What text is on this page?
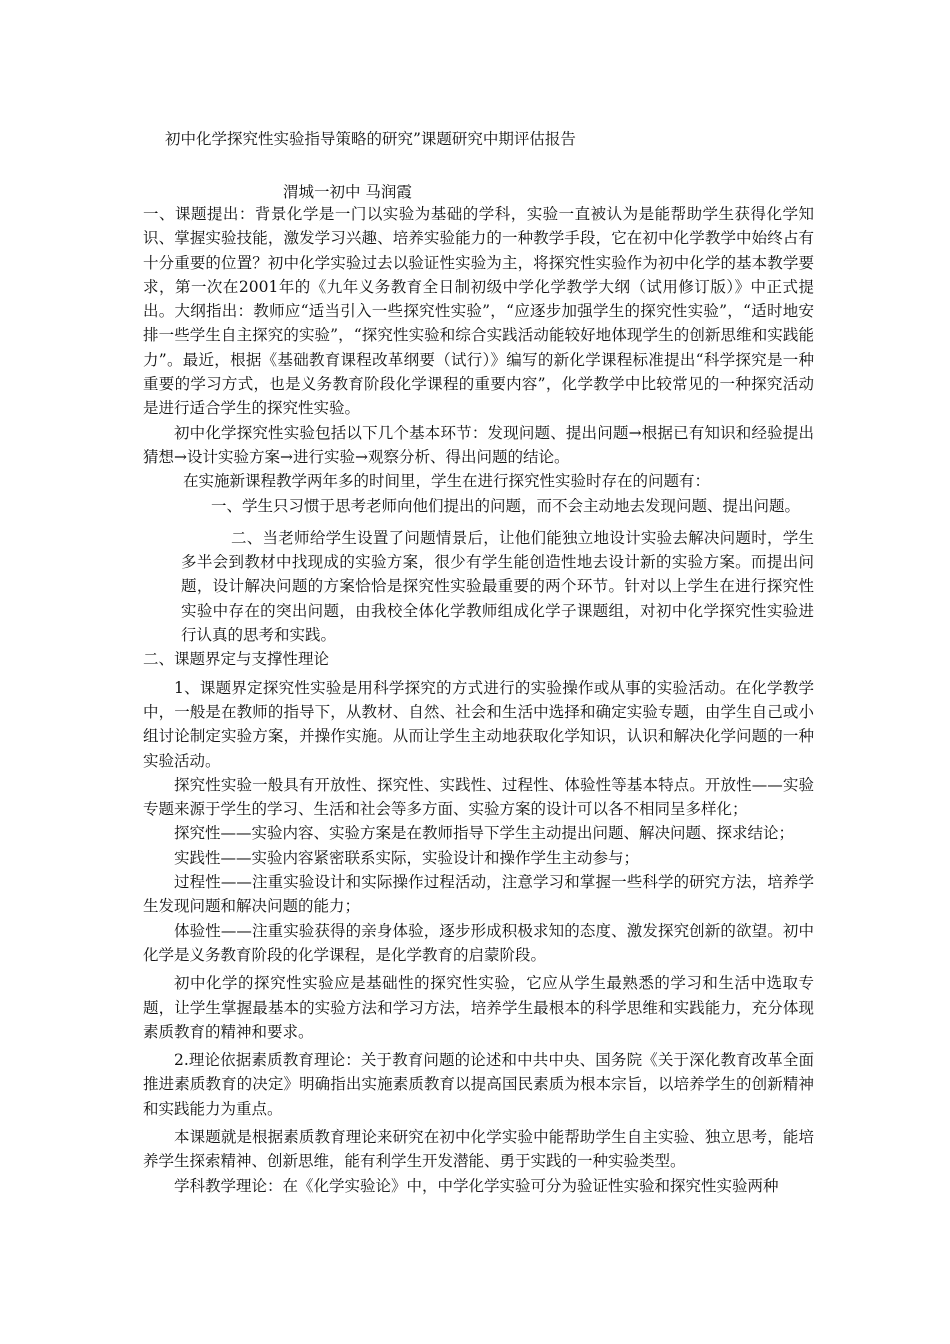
初中化学探究性实验指导策略的研究”课题研究中期评估报告
渭城一初中 马润霞

一、课题提出：背景化学是一门以实验为基础的学科，实验一直被认为是能帮助学生获得化学知识、掌握实验技能，激发学习兴趣、培养实验能力的一种教学手段，它在初中化学教学中始终占有十分重要的位置？初中化学实验过去以验证性实验为主，将探究性实验作为初中化学的基本教学要求，第一次在2001年的《九年义务教育全日制初级中学化学教学大纲（试用修订版）》中正式提出。大纲指出：教师应“适当引入一些探究性实验”，“应逐步加强学生的探究性实验”，“适时地安排一些学生自主探究的实验”，“探究性实验和综合实践活动能较好地体现学生的创新思维和实践能力”。最近，根据《基础教育课程改革纲要（试行）》编写的新化学课程标准提出“科学探究是一种重要的学习方式，也是义务教育阶段化学课程的重要内容”，化学教学中比较常见的一种探究活动是进行适合学生的探究性实验。

初中化学探究性实验包括以下几个基本环节：发现问题、提出问题→根据已有知识和经验提出猜想→设计实验方案→进行实验→观察分析、得出问题的结论。

在实施新课程教学两年多的时间里，学生在进行探究性实验时存在的问题有：

一、学生只习惯于思考老师向他们提出的问题，而不会主动地去发现问题、提出问题。

二、当老师给学生设置了问题情景后，让他们能独立地设计实验去解决问题时，学生多半会到教材中找现成的实验方案，很少有学生能创造性地去设计新的实验方案。而提出问题，设计解决问题的方案恰恰是探究性实验最重要的两个环节。针对以上学生在进行探究性实验中存在的突出问题，由我校全体化学教师组成化学子课题组，对初中化学探究性实验进行认真的思考和实践。

二、课题界定与支撑性理论

1、课题界定探究性实验是用科学探究的方式进行的实验操作或从事的实验活动。在化学教学中，一般是在教师的指导下，从教材、自然、社会和生活中选择和确定实验专题，由学生自己或小组讨论制定实验方案，并操作实施。从而让学生主动地获取化学知识，认识和解决化学问题的一种实验活动。

探究性实验一般具有开放性、探究性、实践性、过程性、体验性等基本特点。开放性——实验专题来源于学生的学习、生活和社会等多方面、实验方案的设计可以各不相同呈多样化；

探究性——实验内容、实验方案是在教师指导下学生主动提出问题、解决问题、探求结论；

实践性——实验内容紧密联系实际，实验设计和操作学生主动参与；

过程性——注重实验设计和实际操作过程活动，注意学习和掌握一些科学的研究方法，培养学生发现问题和解决问题的能力；

体验性——注重实验获得的亲身体验，逐步形成积极求知的态度、激发探究创新的欲望。初中化学是义务教育阶段的化学课程，是化学教育的启蒙阶段。

初中化学的探究性实验应是基础性的探究性实验，它应从学生最熟悉的学习和生活中选取专题，让学生掌握最基本的实验方法和学习方法，培养学生最根本的科学思维和实践能力，充分体现素质教育的精神和要求。

2.理论依据素质教育理论：关于教育问题的论述和中共中央、国务院《关于深化教育改革全面推进素质教育的决定》明确指出实施素质教育以提高国民素质为根本宗旨，以培养学生的创新精神和实践能力为重点。

本课题就是根据素质教育理论来研究在初中化学实验中能帮助学生自主实验、独立思考，能培养学生探索精神、创新思维，能有利学生开发潜能、勇于实践的一种实验类型。

学科教学理论：在《化学实验论》中，中学化学实验可分为验证性实验和探究性实验两种
